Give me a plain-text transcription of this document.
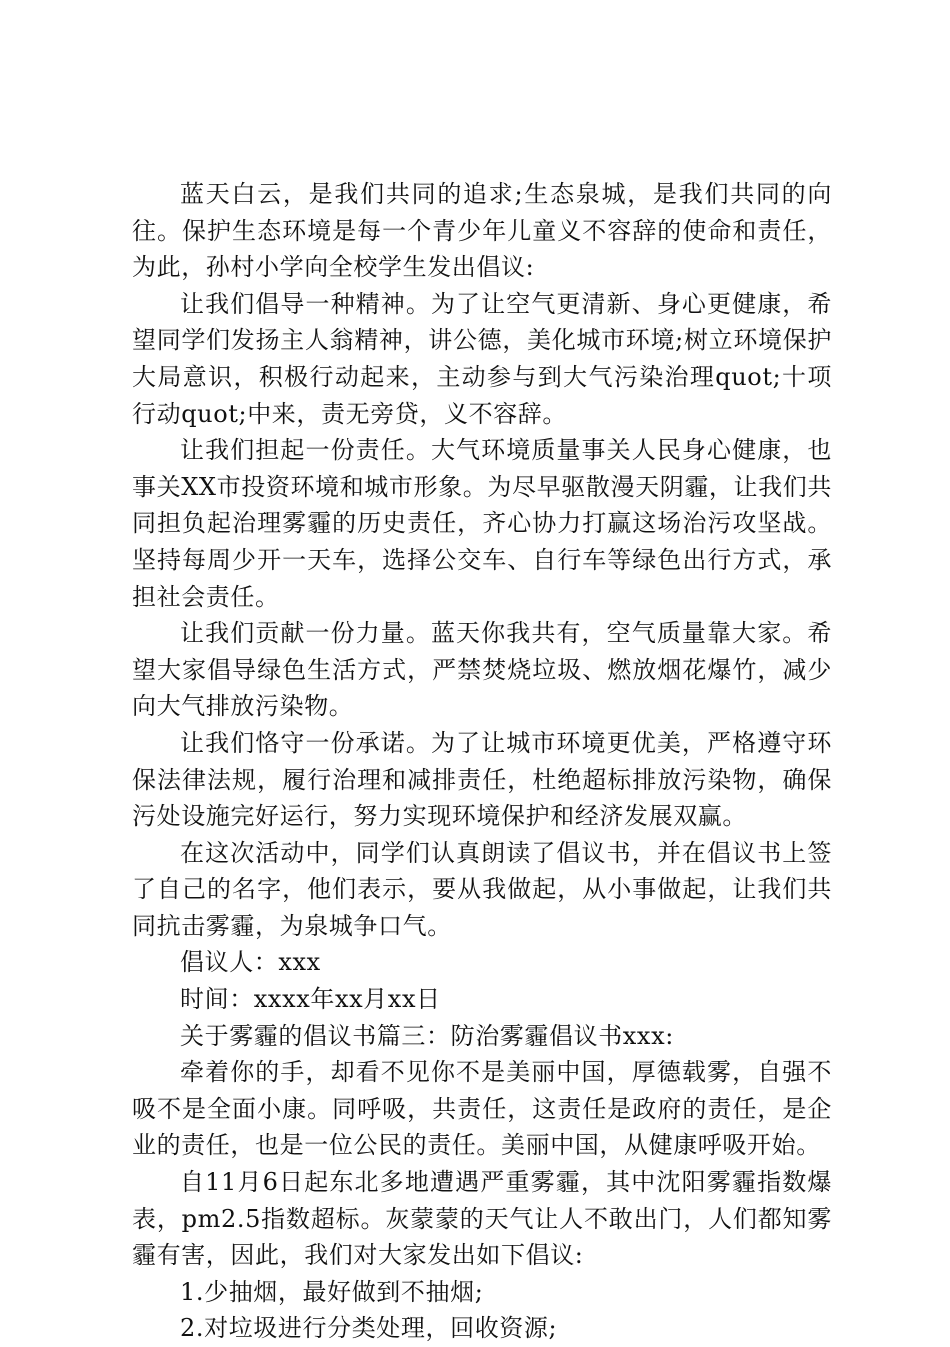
蓝天白云，是我们共同的追求;生态泉城，是我们共同的向往。保护生态环境是每一个青少年儿童义不容辞的使命和责任，为此，孙村小学向全校学生发出倡议:

让我们倡导一种精神。为了让空气更清新、身心更健康，希望同学们发扬主人翁精神，讲公德，美化城市环境;树立环境保护大局意识，积极行动起来，主动参与到大气污染治理quot;十项行动quot;中来，责无旁贷，义不容辞。

让我们担起一份责任。大气环境质量事关人民身心健康，也事关XX市投资环境和城市形象。为尽早驱散漫天阴霾，让我们共同担负起治理雾霾的历史责任，齐心协力打赢这场治污攻坚战。坚持每周少开一天车，选择公交车、自行车等绿色出行方式，承担社会责任。

让我们贡献一份力量。蓝天你我共有，空气质量靠大家。希望大家倡导绿色生活方式，严禁焚烧垃圾、燃放烟花爆竹，减少向大气排放污染物。

让我们恪守一份承诺。为了让城市环境更优美，严格遵守环保法律法规，履行治理和减排责任，杜绝超标排放污染物，确保污处设施完好运行，努力实现环境保护和经济发展双赢。

在这次活动中，同学们认真朗读了倡议书，并在倡议书上签了自己的名字，他们表示，要从我做起，从小事做起，让我们共同抗击雾霾，为泉城争口气。

倡议人：xxx

时间：xxxx年xx月xx日

关于雾霾的倡议书篇三：防治雾霾倡议书xxx:

牵着你的手，却看不见你不是美丽中国，厚德载雾，自强不吸不是全面小康。同呼吸，共责任，这责任是政府的责任，是企业的责任，也是一位公民的责任。美丽中国，从健康呼吸开始。

自11月6日起东北多地遭遇严重雾霾，其中沈阳雾霾指数爆表，pm2.5指数超标。灰蒙蒙的天气让人不敢出门，人们都知雾霾有害，因此，我们对大家发出如下倡议:

1.少抽烟，最好做到不抽烟;

2.对垃圾进行分类处理，回收资源;
